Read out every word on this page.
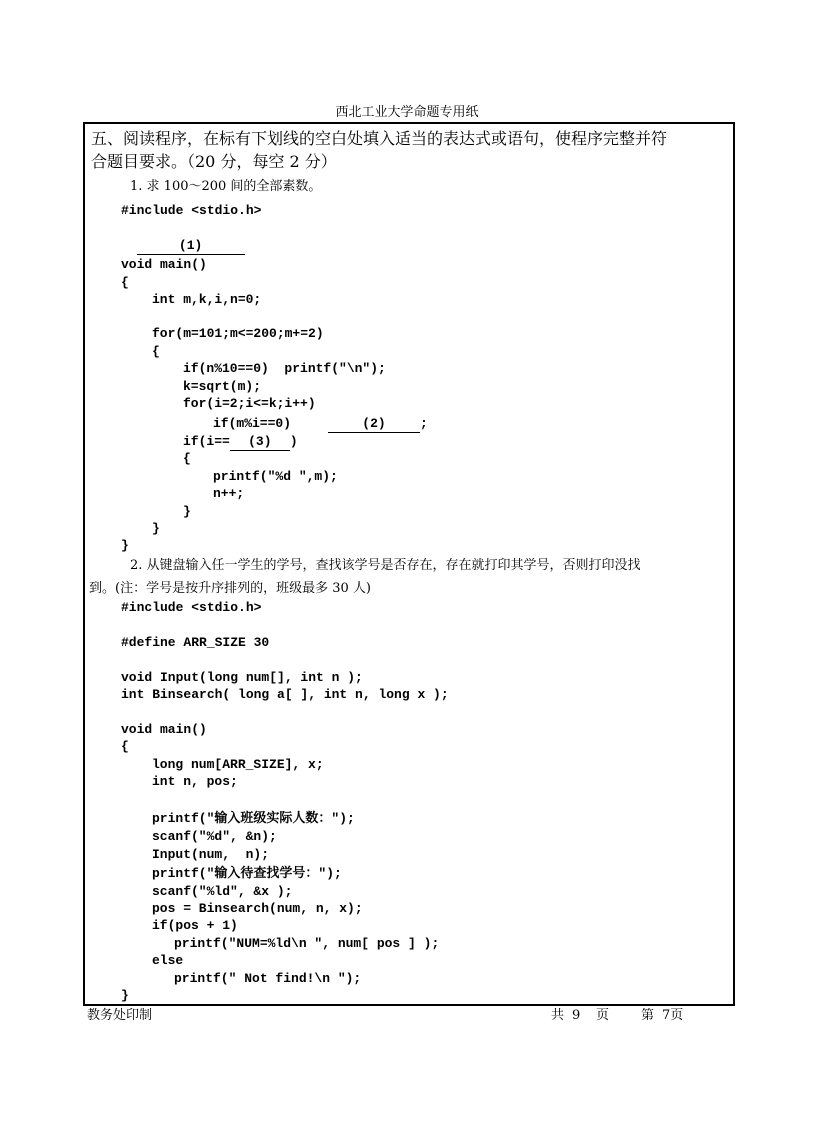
西北工业大学命题专用纸
五、阅读程序，在标有下划线的空白处填入适当的表达式或语句，使程序完整并符
合题目要求。（20 分，每空 2 分）
1. 求 100～200 间的全部素数。
#include <stdio.h>

(1)

void main()
{
int m,k,i,n=0;
for(m=101;m<=200;m+=2)
{
if(n%10==0)  printf("\n");
k=sqrt(m);
for(i=2;i<=k;i++)
if(m%i==0)	(2)	;
if(i== (3) )
{
printf("%d ",m);
n++;
}
}
}
2. 从键盘输入任一学生的学号，查找该学号是否存在，存在就打印其学号，否则打印没找
到。(注：学号是按升序排列的，班级最多 30 人)
#include <stdio.h>
#define ARR_SIZE 30
void Input(long num[], int n );
int Binsearch( long a[ ], int n, long x );
void main()
{
long num[ARR_SIZE], x;
int n, pos;
printf("输入班级实际人数：");
scanf("%d", &n);
Input(num,  n);
printf("输入待查找学号：");
scanf("%ld", &x );
pos = Binsearch(num, n, x);
if(pos + 1)
printf("NUM=%ld\n ", num[ pos ] );
else
printf(" Not find!\n ");
}
教务处印制	共 9 页 第 7页
